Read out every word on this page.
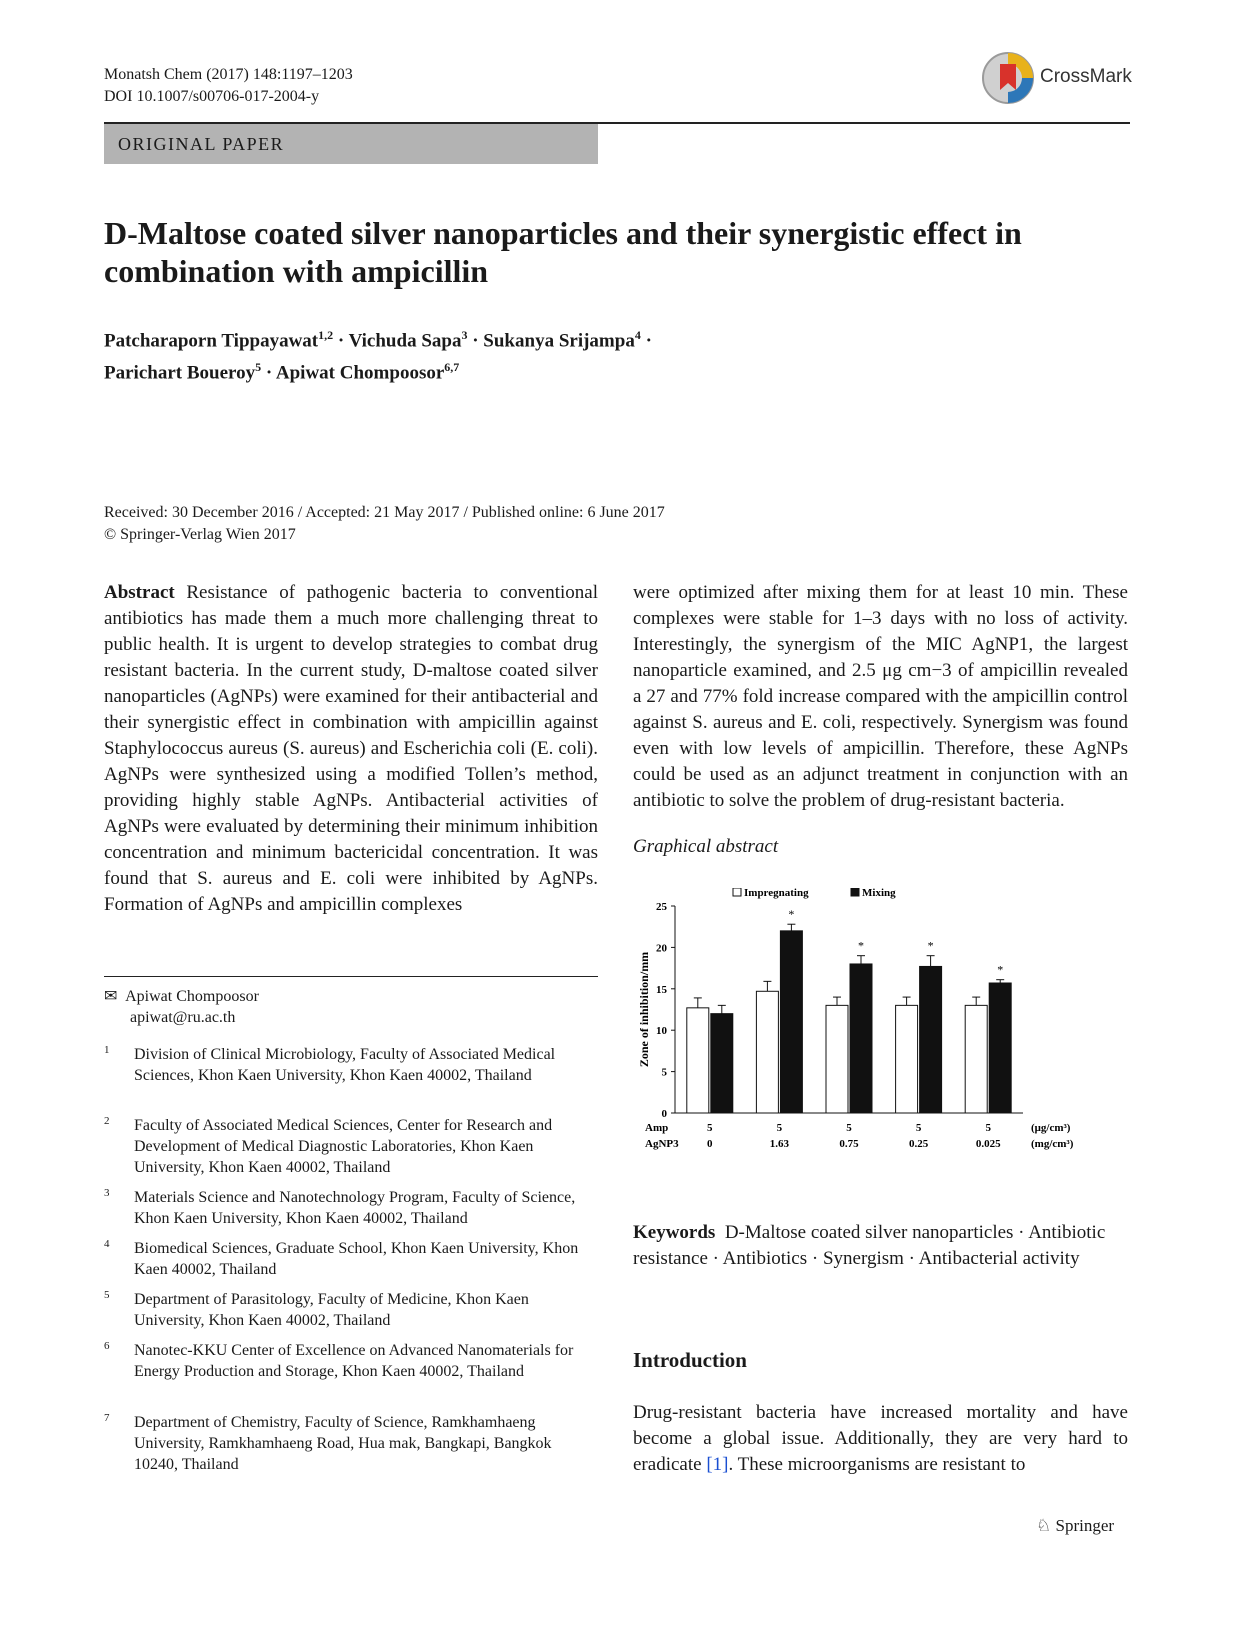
Monatsh Chem (2017) 148:1197–1203
DOI 10.1007/s00706-017-2004-y
CrossMark
ORIGINAL PAPER
D-Maltose coated silver nanoparticles and their synergistic effect in combination with ampicillin
Patcharaporn Tippayawat$^{1,2}$ · Vichuda Sapa$^3$ · Sukanya Srijampa$^4$ ·
Parichart Boueroy$^5$ · Apiwat Chompoosor$^{6,7}$
Received: 30 December 2016 / Accepted: 21 May 2017 / Published online: 6 June 2017
© Springer-Verlag Wien 2017
Abstract Resistance of pathogenic bacteria to conventional antibiotics has made them a much more challenging threat to public health. It is urgent to develop strategies to combat drug resistant bacteria. In the current study, D-maltose coated silver nanoparticles (AgNPs) were examined for their antibacterial and their synergistic effect in combination with ampicillin against Staphylococcus aureus (S. aureus) and Escherichia coli (E. coli). AgNPs were synthesized using a modified Tollen’s method, providing highly stable AgNPs. Antibacterial activities of AgNPs were evaluated by determining their minimum inhibition concentration and minimum bactericidal concentration. It was found that S. aureus and E. coli were inhibited by AgNPs. Formation of AgNPs and ampicillin complexes
were optimized after mixing them for at least 10 min. These complexes were stable for 1–3 days with no loss of activity. Interestingly, the synergism of the MIC AgNP1, the largest nanoparticle examined, and 2.5 μg cm−3 of ampicillin revealed a 27 and 77% fold increase compared with the ampicillin control against S. aureus and E. coli, respectively. Synergism was found even with low levels of ampicillin. Therefore, these AgNPs could be used as an adjunct treatment in conjunction with an antibiotic to solve the problem of drug-resistant bacteria.
Graphical abstract
0
5
10
15
20
25
Zone of inhibition/mm
5
0
*
5
1.63
*
5
0.75
*
5
0.25
*
5
0.025
Amp
AgNP3
(μg/cm³)
(mg/cm³)
Impregnating	Mixing
✉ Apiwat Chompoosor
apiwat@ru.ac.th
1 Division of Clinical Microbiology, Faculty of Associated Medical Sciences, Khon Kaen University, Khon Kaen 40002, Thailand
2 Faculty of Associated Medical Sciences, Center for Research and Development of Medical Diagnostic Laboratories, Khon Kaen University, Khon Kaen 40002, Thailand
3 Materials Science and Nanotechnology Program, Faculty of Science, Khon Kaen University, Khon Kaen 40002, Thailand
4 Biomedical Sciences, Graduate School, Khon Kaen University, Khon Kaen 40002, Thailand
5 Department of Parasitology, Faculty of Medicine, Khon Kaen University, Khon Kaen 40002, Thailand
6 Nanotec-KKU Center of Excellence on Advanced Nanomaterials for Energy Production and Storage, Khon Kaen 40002, Thailand
7 Department of Chemistry, Faculty of Science, Ramkhamhaeng University, Ramkhamhaeng Road, Hua mak, Bangkapi, Bangkok 10240, Thailand
Keywords D-Maltose coated silver nanoparticles · Antibiotic resistance · Antibiotics · Synergism · Antibacterial activity
Introduction
Drug-resistant bacteria have increased mortality and have become a global issue. Additionally, they are very hard to eradicate [1]. These microorganisms are resistant to
♘ Springer
